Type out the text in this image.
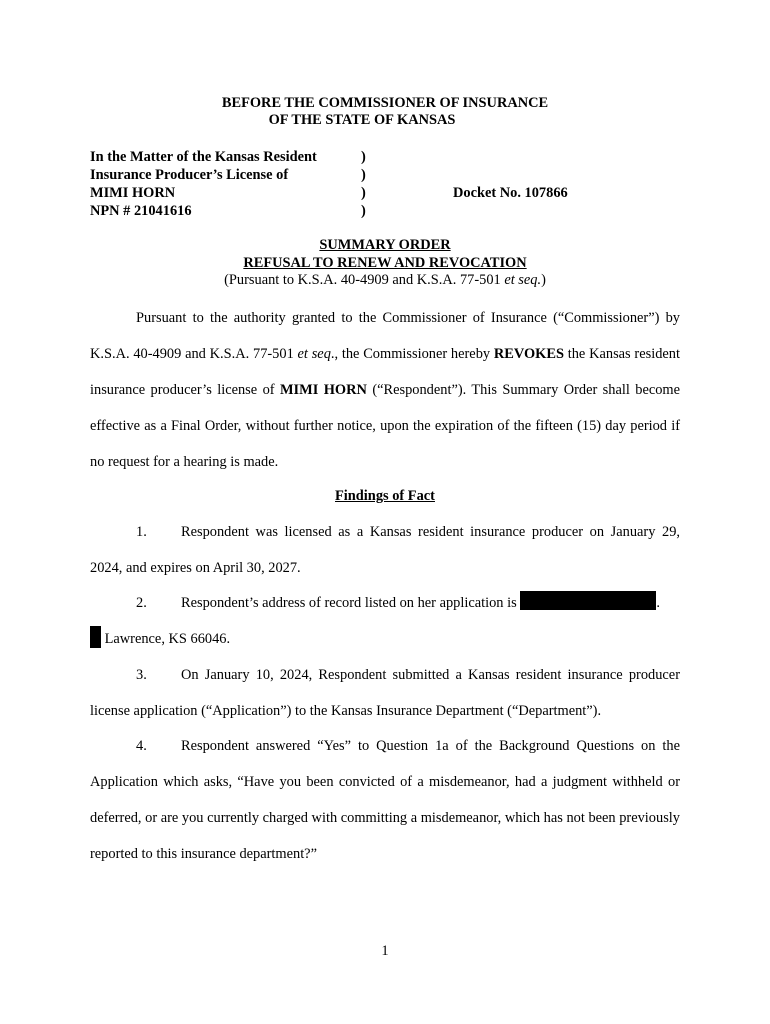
BEFORE THE COMMISSIONER OF INSURANCE
OF THE STATE OF KANSAS
In the Matter of the Kansas Resident	)
Insurance Producer’s License of	)
MIMI HORN	)	Docket No. 107866
NPN # 21041616	)
SUMMARY ORDER
REFUSAL TO RENEW AND REVOCATION
(Pursuant to K.S.A. 40-4909 and K.S.A. 77-501 et seq.)
Pursuant to the authority granted to the Commissioner of Insurance (“Commissioner”) by K.S.A. 40-4909 and K.S.A. 77-501 et seq., the Commissioner hereby REVOKES the Kansas resident insurance producer’s license of MIMI HORN (“Respondent”). This Summary Order shall become effective as a Final Order, without further notice, upon the expiration of the fifteen (15) day period if no request for a hearing is made.
Findings of Fact
1. Respondent was licensed as a Kansas resident insurance producer on January 29, 2024, and expires on April 30, 2027.
2. Respondent’s address of record listed on her application is	.
Lawrence, KS 66046.
3. On January 10, 2024, Respondent submitted a Kansas resident insurance producer license application (“Application”) to the Kansas Insurance Department (“Department”).
4. Respondent answered “Yes” to Question 1a of the Background Questions on the Application which asks, “Have you been convicted of a misdemeanor, had a judgment withheld or deferred, or are you currently charged with committing a misdemeanor, which has not been previously reported to this insurance department?”
1
